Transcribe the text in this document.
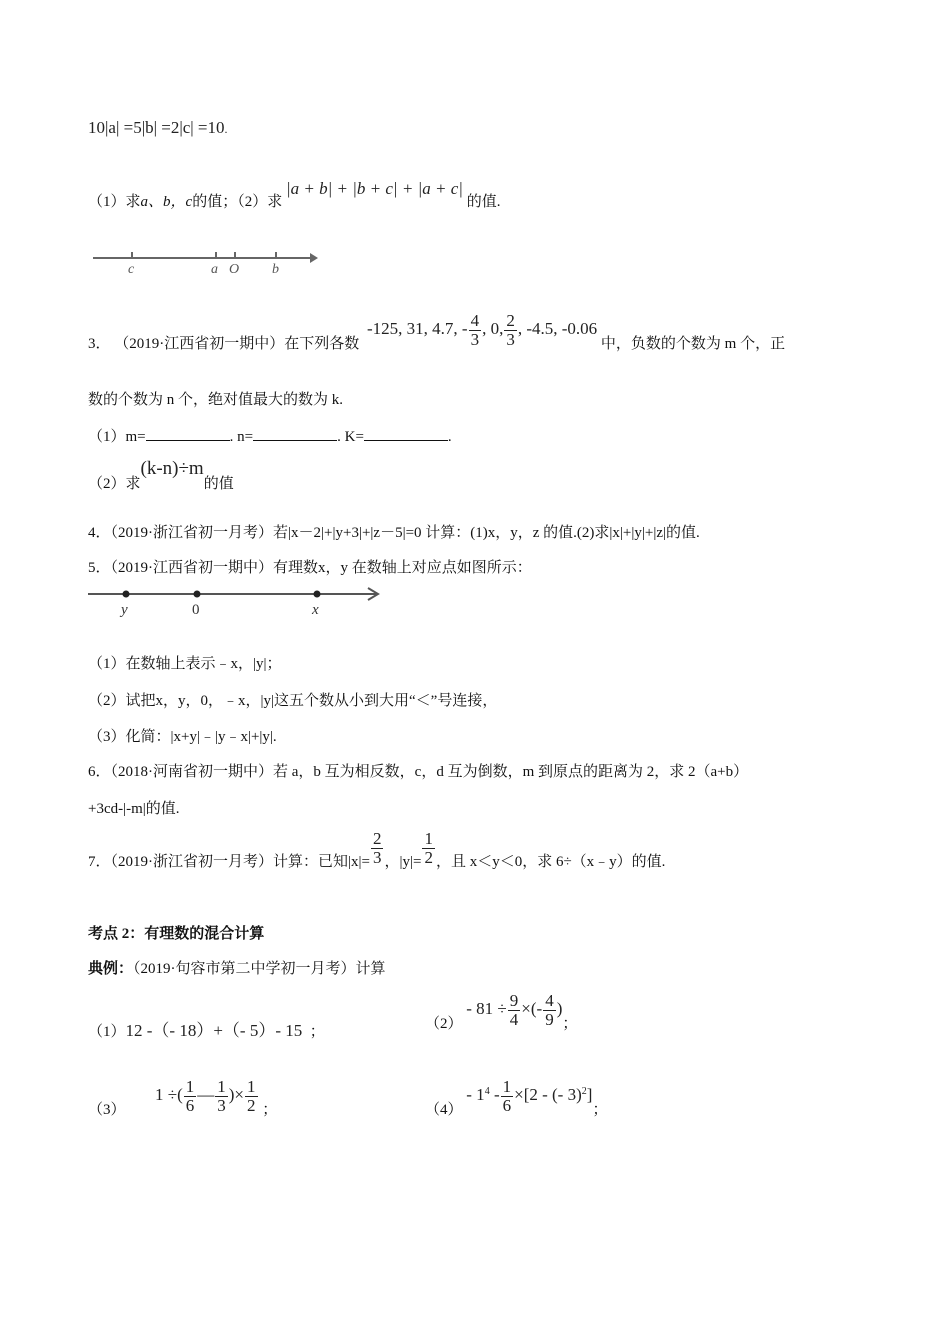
10|a| =5|b| =2|c| =10.
（1）求a、b，c的值；（2）求 |a + b| + |b + c| + |a + c| 的值.
c	a O b
3． （2019·江西省初一期中）在下列各数 -125, 31, 4.7, - $\frac{4}{3}$ , 0, $\frac{2}{3}$ , -4.5, -0.06 中，负数的个数为 m 个，正
数的个数为 n 个，绝对值最大的数为 k.
（1）m=	. n=	. K=	.
（2）求(k-n)÷m的值
4．（2019·浙江省初一月考）若|x－2|+|y+3|+|z－5|=0 计算：(1)x，y，z 的值.(2)求|x|+|y|+|z|的值.
5．（2019·江西省初一期中）有理数x，y 在数轴上对应点如图所示：
y	0	x
（1）在数轴上表示﹣x，|y|；
（2）试把x，y，0，﹣x，|y|这五个数从小到大用“＜”号连接，
（3）化简：|x+y|﹣|y﹣x|+|y|.
6．（2018·河南省初一期中）若 a，b 互为相反数，c，d 互为倒数，m 到原点的距离为 2，求 2（a+b）
+3cd-|-m|的值.
7．（2019·浙江省初一月考）计算：已知$|x|= \frac{2}{3}$ ，$|y|= \frac{1}{2}$ ，且 x＜y＜0，求 6÷（x﹣y）的值.
考点 2：有理数的混合计算
典例：（2019·句容市第二中学初一月考）计算
（1）12 -（- 18）+（- 5）- 15 ；
$(2) - 81 \div \frac{9}{4}$ ×(- $\frac{4}{9}$ )；
（3）  1 ÷( $\frac{1}{6}$ — $\frac{1}{3}$ )× $\frac{1}{2}$ ；	$(4) - 1^4 - \frac{1}{6} \times[2$ - (- 3)$^2$]；
